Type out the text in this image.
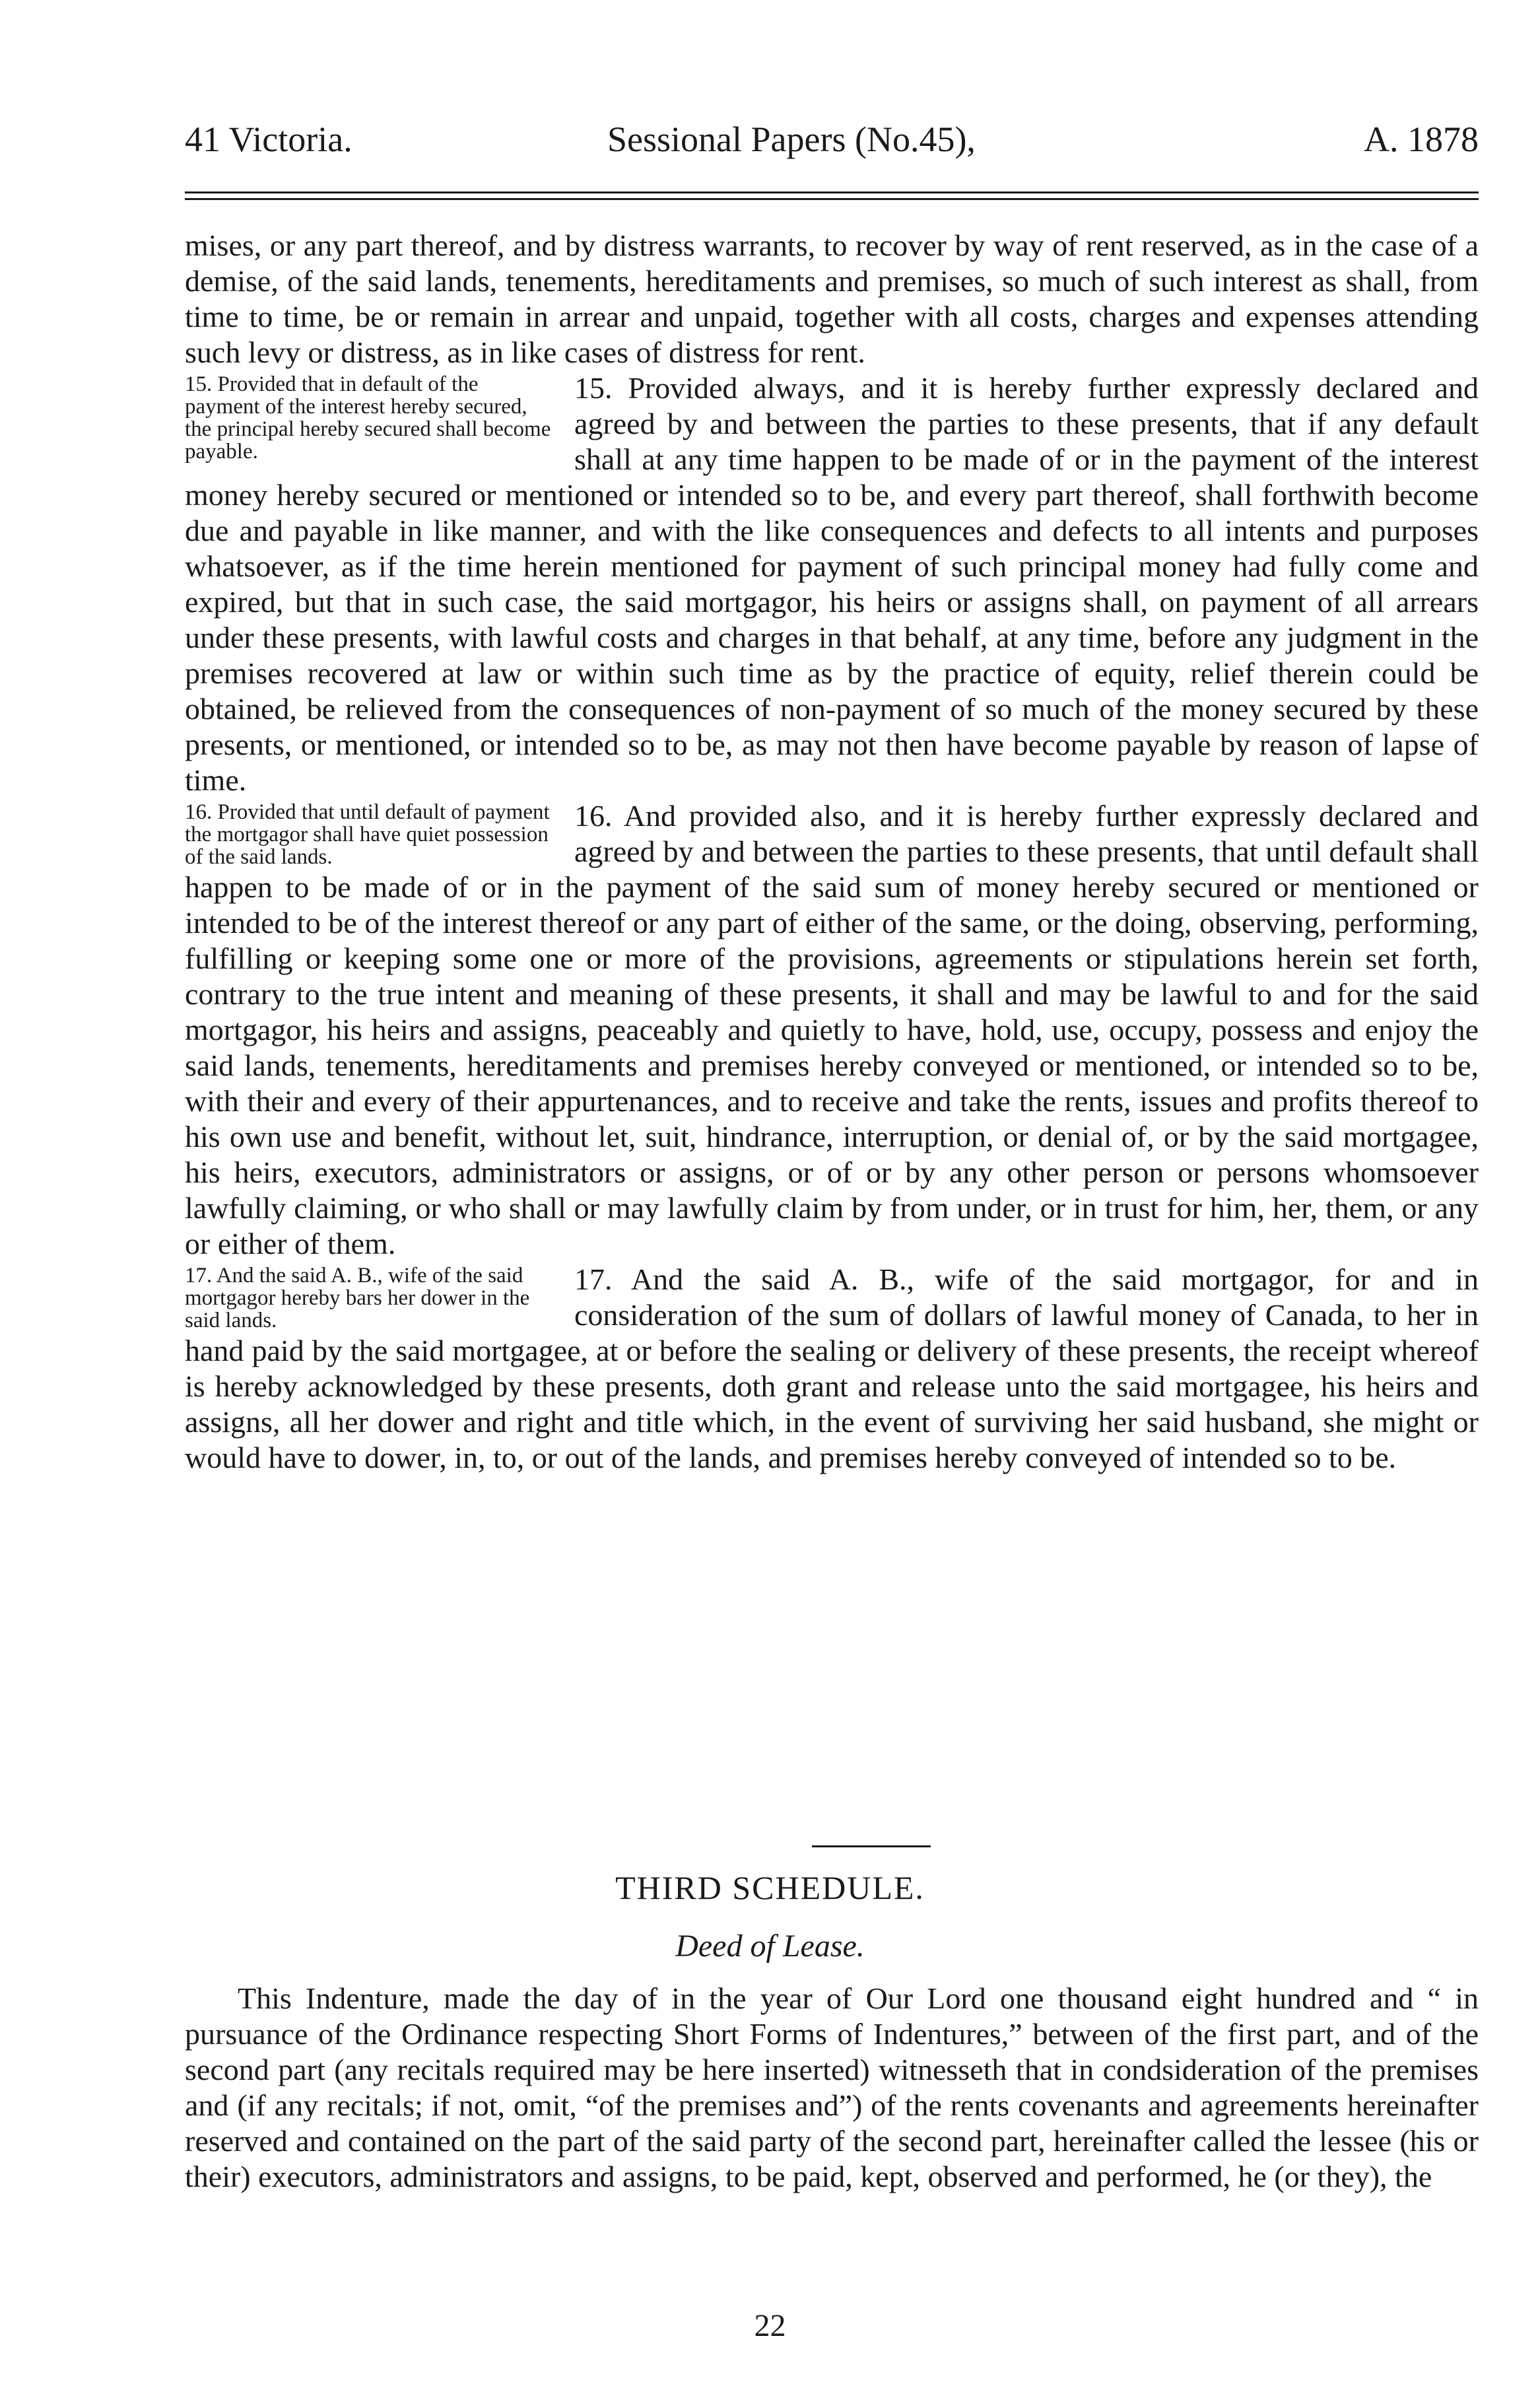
41 Victoria.	Sessional Papers (No.45),	A. 1878

mises, or any part thereof, and by distress warrants, to recover by way of rent reserved, as in the case of a demise, of the said lands, tenements, hereditaments and premises, so much of such interest as shall, from time to time, be or remain in arrear and unpaid, together with all costs, charges and expenses attending such levy or distress, as in like cases of distress for rent.

15. Provided that in default of the payment of the interest hereby secured, the principal hereby secured shall become payable.

15. Provided always, and it is hereby further expressly declared and agreed by and between the parties to these presents, that if any default shall at any time happen to be made of or in the payment of the interest money hereby secured or mentioned or intended so to be, and every part thereof, shall forthwith become due and payable in like manner, and with the like consequences and defects to all intents and purposes whatsoever, as if the time herein mentioned for payment of such principal money had fully come and expired, but that in such case, the said mortgagor, his heirs or assigns shall, on payment of all arrears under these presents, with lawful costs and charges in that behalf, at any time, before any judgment in the premises recovered at law or within such time as by the practice of equity, relief therein could be obtained, be relieved from the consequences of non-payment of so much of the money secured by these presents, or mentioned, or intended so to be, as may not then have become payable by reason of lapse of time.

16. Provided that until default of payment the mortgagor shall have quiet possession of the said lands.

16. And provided also, and it is hereby further expressly declared and agreed by and between the parties to these presents, that until default shall happen to be made of or in the payment of the said sum of money hereby secured or mentioned or intended to be of the interest thereof or any part of either of the same, or the doing, observing, performing, fulfilling or keeping some one or more of the provisions, agreements or stipulations herein set forth, contrary to the true intent and meaning of these presents, it shall and may be lawful to and for the said mortgagor, his heirs and assigns, peaceably and quietly to have, hold, use, occupy, possess and enjoy the said lands, tenements, hereditaments and premises hereby conveyed or mentioned, or intended so to be, with their and every of their appurtenances, and to receive and take the rents, issues and profits thereof to his own use and benefit, without let, suit, hindrance, interruption, or denial of, or by the said mortgagee, his heirs, executors, administrators or assigns, or of or by any other person or persons whomsoever lawfully claiming, or who shall or may lawfully claim by from under, or in trust for him, her, them, or any or either of them.

17. And the said A. B., wife of the said mortgagor hereby bars her dower in the said lands.

17. And the said A. B., wife of the said mortgagor, for and in consideration of the sum of dollars of lawful money of Canada, to her in hand paid by the said mortgagee, at or before the sealing or delivery of these presents, the receipt whereof is hereby acknowledged by these presents, doth grant and release unto the said mortgagee, his heirs and assigns, all her dower and right and title which, in the event of surviving her said husband, she might or would have to dower, in, to, or out of the lands, and premises hereby conveyed of intended so to be.

THIRD SCHEDULE.
Deed of Lease.

This Indenture, made the day of in the year of Our Lord one thousand eight hundred and “ in pursuance of the Ordinance respecting Short Forms of Indentures,” between of the first part, and of the second part (any recitals required may be here inserted) witnesseth that in condsideration of the premises and (if any recitals; if not, omit, “of the premises and”) of the rents covenants and agreements hereinafter reserved and contained on the part of the said party of the second part, hereinafter called the lessee (his or their) executors, administrators and assigns, to be paid, kept, observed and performed, he (or they), the

22
